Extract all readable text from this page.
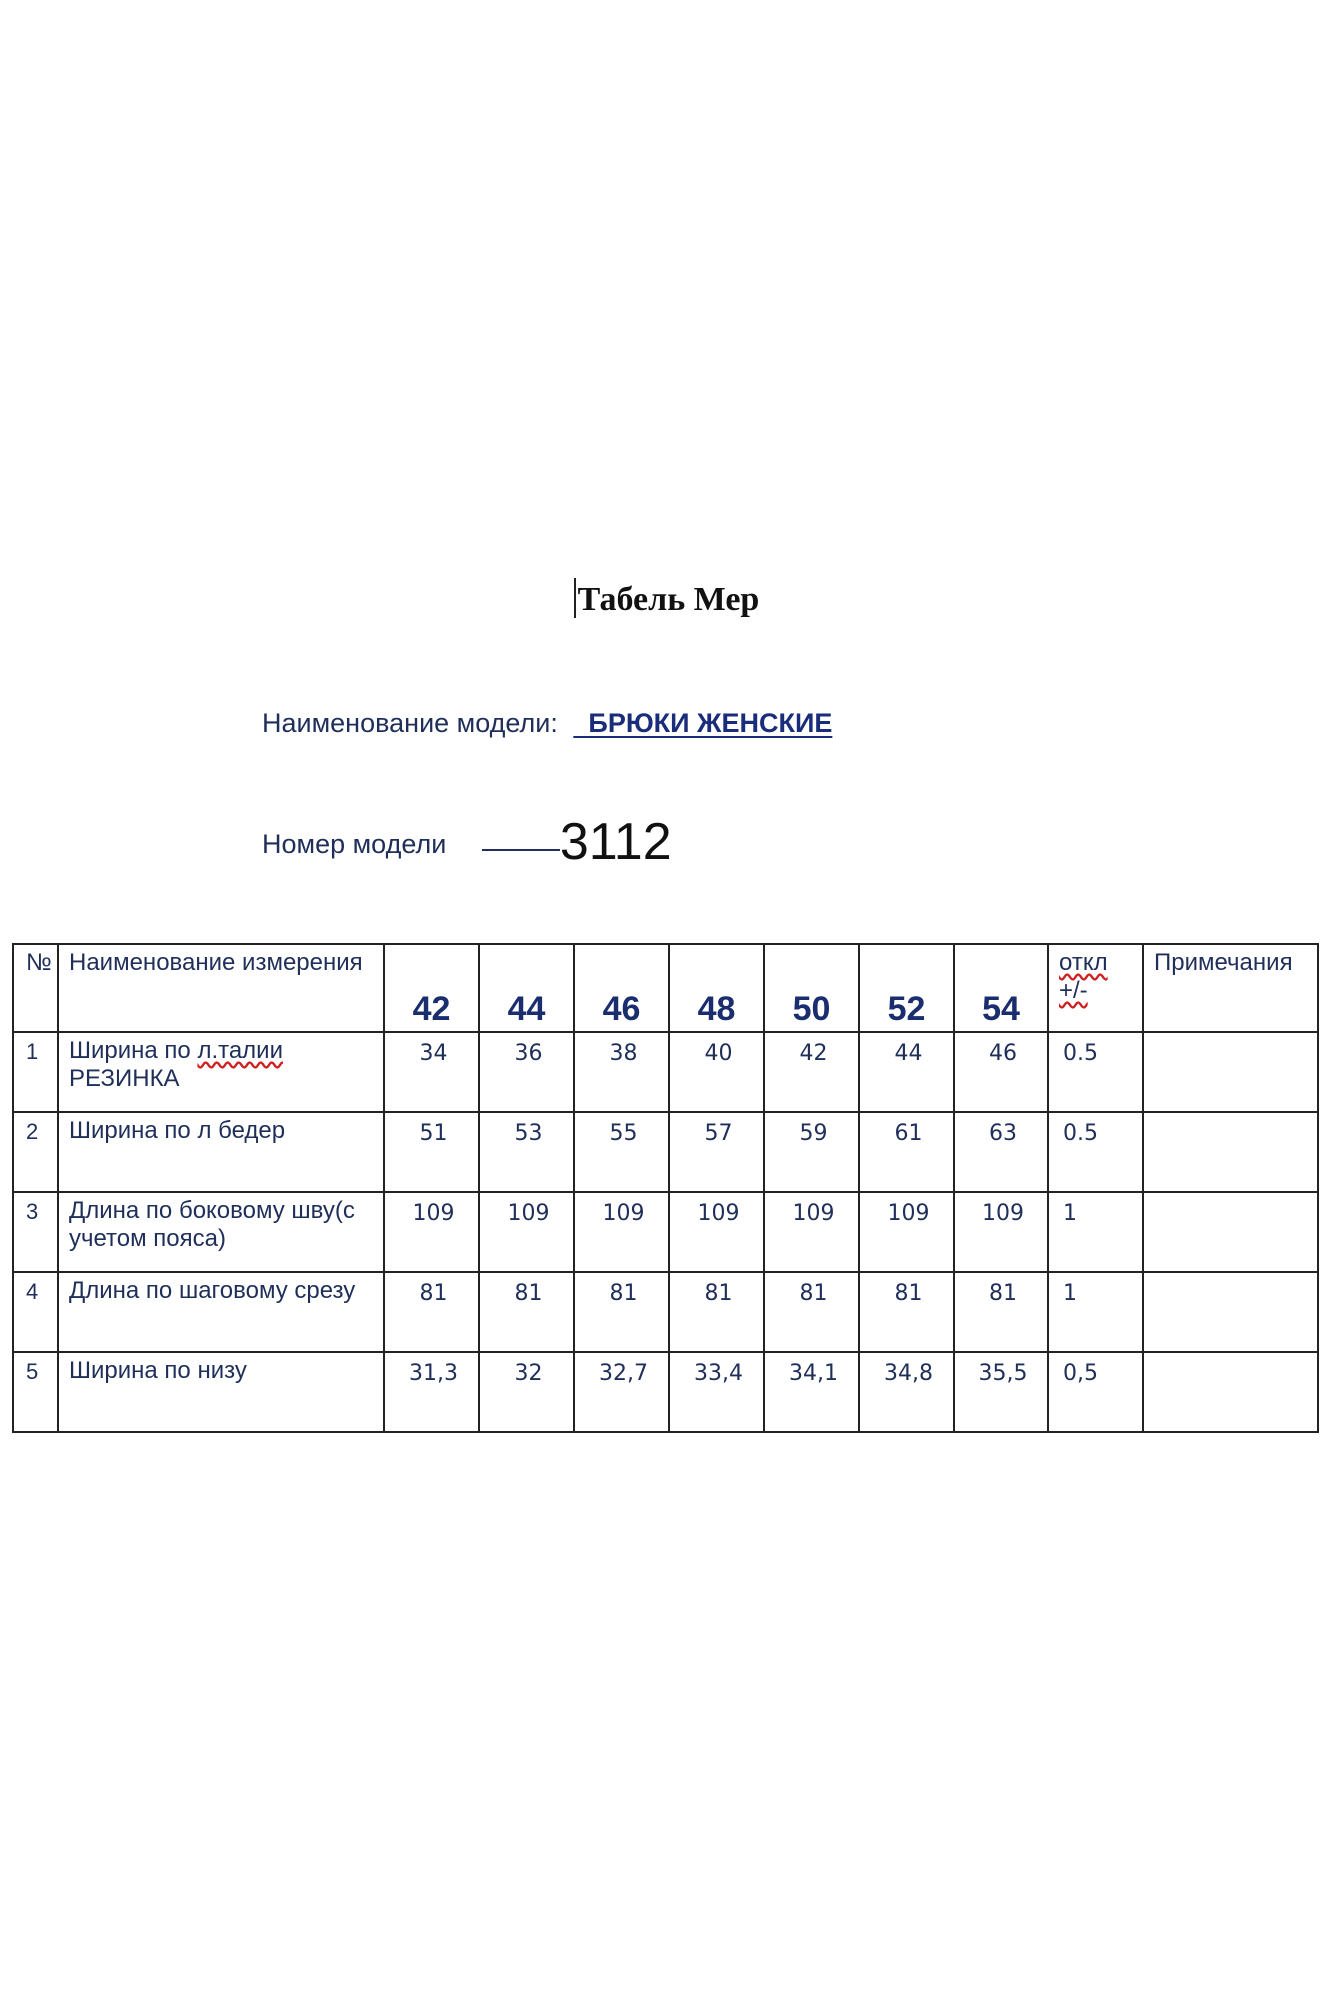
Табель Мер
Наименование модели: БРЮКИ ЖЕНСКИЕ
Номер модели 3112
№	Наименование измерения	42	44	46	48	50	52	54	откл +/-	Примечания
1	Ширина по л.талии РЕЗИНКА	34	36	38	40	42	44	46	0.5	
2	Ширина по л бедер	51	53	55	57	59	61	63	0.5	
3	Длина по боковому шву(с учетом пояса)	109	109	109	109	109	109	109	1	
4	Длина по шаговому срезу	81	81	81	81	81	81	81	1	
5	Ширина по низу	31,3	32	32,7	33,4	34,1	34,8	35,5	0,5	
